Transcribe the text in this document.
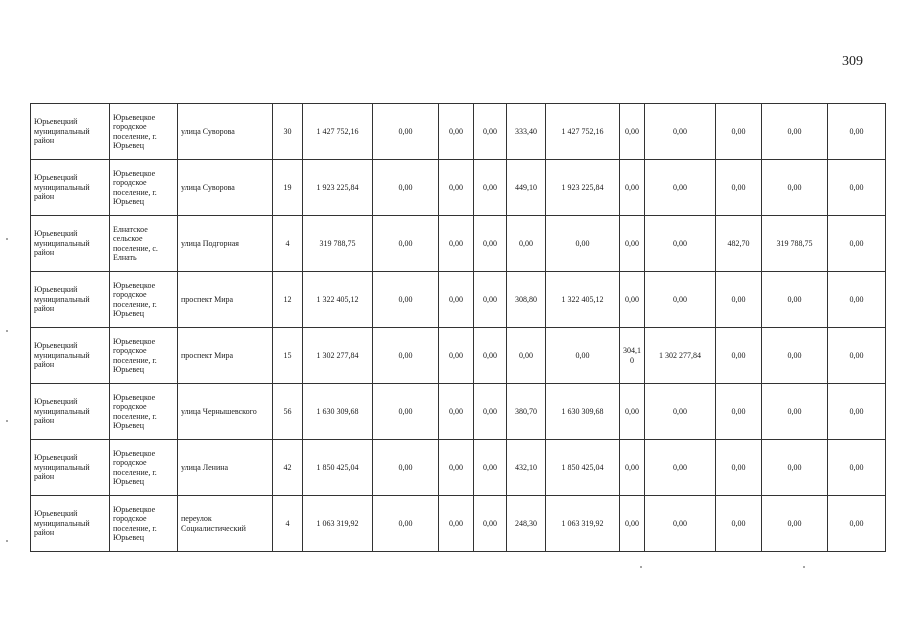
309
Юрьевецкий муниципальный район	Юрьевецкое городское поселение, г. Юрьевец	улица Суворова	30	1 427 752,16	0,00	0,00	0,00	333,40	1 427 752,16	0,00	0,00	0,00	0,00	0,00
Юрьевецкий муниципальный район	Юрьевецкое городское поселение, г. Юрьевец	улица Суворова	19	1 923 225,84	0,00	0,00	0,00	449,10	1 923 225,84	0,00	0,00	0,00	0,00	0,00
Юрьевецкий муниципальный район	Елнатское сельское поселение, с. Елнать	улица Подгорная	4	319 788,75	0,00	0,00	0,00	0,00	0,00	0,00	0,00	482,70	319 788,75	0,00
Юрьевецкий муниципальный район	Юрьевецкое городское поселение, г. Юрьевец	проспект Мира	12	1 322 405,12	0,00	0,00	0,00	308,80	1 322 405,12	0,00	0,00	0,00	0,00	0,00
Юрьевецкий муниципальный район	Юрьевецкое городское поселение, г. Юрьевец	проспект Мира	15	1 302 277,84	0,00	0,00	0,00	0,00	0,00	304,10	1 302 277,84	0,00	0,00	0,00
Юрьевецкий муниципальный район	Юрьевецкое городское поселение, г. Юрьевец	улица Чернышевского	56	1 630 309,68	0,00	0,00	0,00	380,70	1 630 309,68	0,00	0,00	0,00	0,00	0,00
Юрьевецкий муниципальный район	Юрьевецкое городское поселение, г. Юрьевец	улица Ленина	42	1 850 425,04	0,00	0,00	0,00	432,10	1 850 425,04	0,00	0,00	0,00	0,00	0,00
Юрьевецкий муниципальный район	Юрьевецкое городское поселение, г. Юрьевец	переулок Социалистический	4	1 063 319,92	0,00	0,00	0,00	248,30	1 063 319,92	0,00	0,00	0,00	0,00	0,00
